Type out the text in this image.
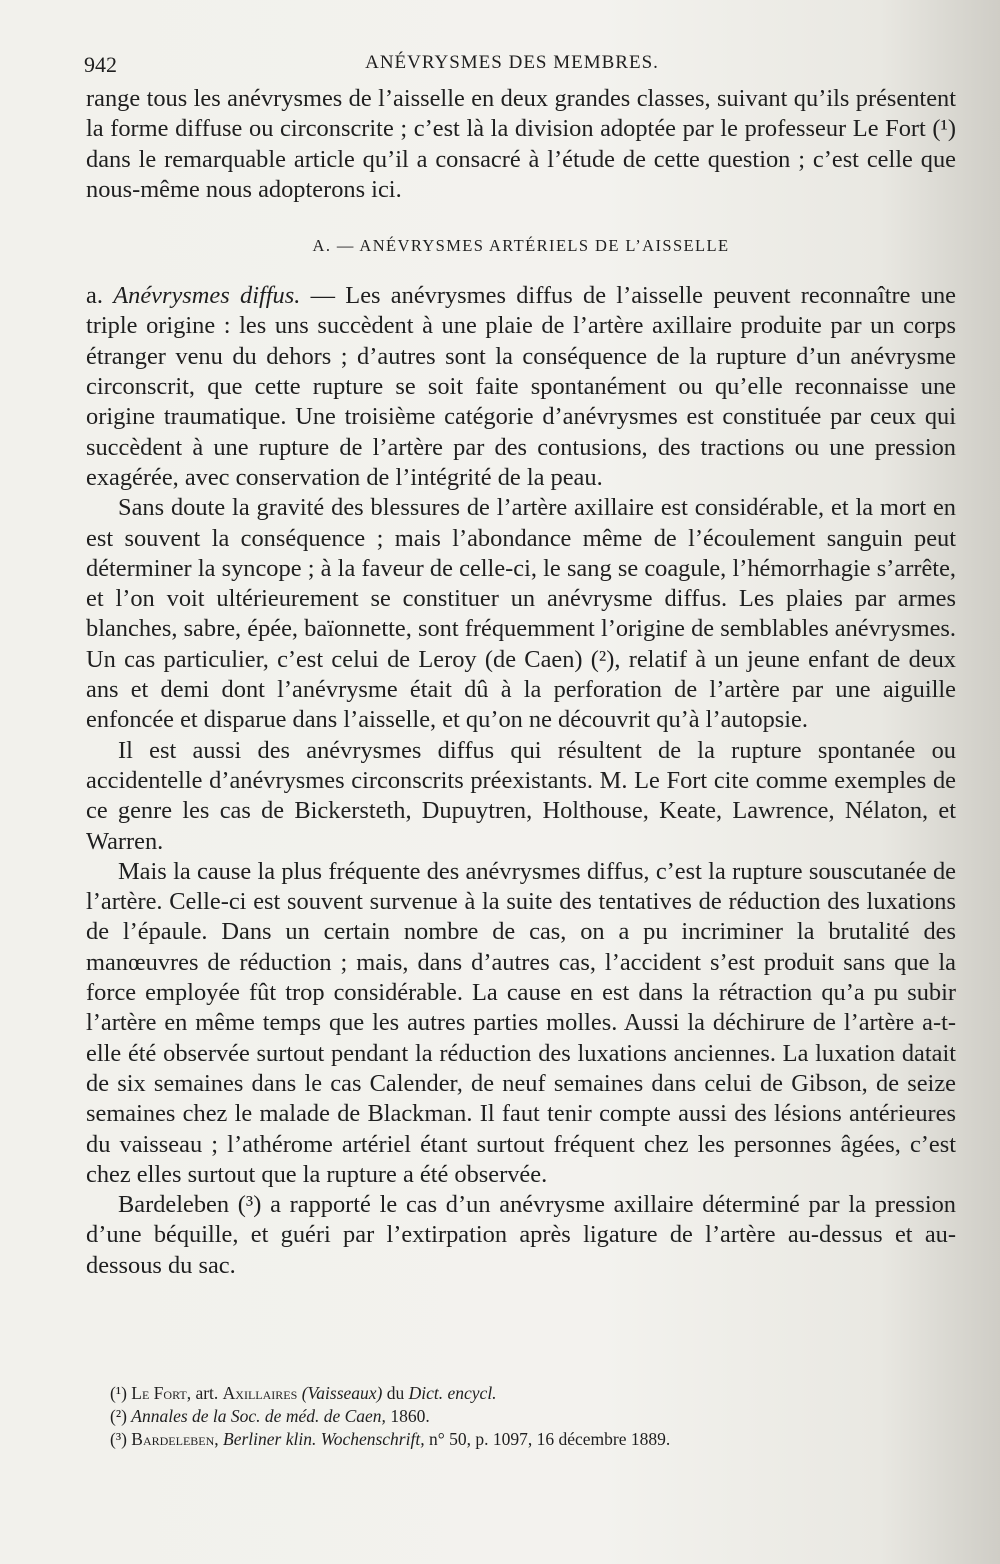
942	ANÉVRYSMES DES MEMBRES.

range tous les anévrysmes de l’aisselle en deux grandes classes, suivant qu’ils présentent la forme diffuse ou circonscrite ; c’est là la division adoptée par le professeur Le Fort (¹) dans le remarquable article qu’il a consacré à l’étude de cette question ; c’est celle que nous-même nous adopterons ici.

A. — ANÉVRYSMES ARTÉRIELS DE L’AISSELLE

a. Anévrysmes diffus. — Les anévrysmes diffus de l’aisselle peuvent reconnaître une triple origine : les uns succèdent à une plaie de l’artère axillaire produite par un corps étranger venu du dehors ; d’autres sont la conséquence de la rupture d’un anévrysme circonscrit, que cette rupture se soit faite spontanément ou qu’elle reconnaisse une origine traumatique. Une troisième catégorie d’anévrysmes est constituée par ceux qui succèdent à une rupture de l’artère par des contusions, des tractions ou une pression exagérée, avec conservation de l’intégrité de la peau.

Sans doute la gravité des blessures de l’artère axillaire est considérable, et la mort en est souvent la conséquence ; mais l’abondance même de l’écoulement sanguin peut déterminer la syncope ; à la faveur de celle-ci, le sang se coagule, l’hémorrhagie s’arrête, et l’on voit ultérieurement se constituer un anévrysme diffus. Les plaies par armes blanches, sabre, épée, baïonnette, sont fréquemment l’origine de semblables anévrysmes. Un cas particulier, c’est celui de Leroy (de Caen) (²), relatif à un jeune enfant de deux ans et demi dont l’anévrysme était dû à la perforation de l’artère par une aiguille enfoncée et disparue dans l’aisselle, et qu’on ne découvrit qu’à l’autopsie.

Il est aussi des anévrysmes diffus qui résultent de la rupture spontanée ou accidentelle d’anévrysmes circonscrits préexistants. M. Le Fort cite comme exemples de ce genre les cas de Bickersteth, Dupuytren, Holthouse, Keate, Lawrence, Nélaton, et Warren.

Mais la cause la plus fréquente des anévrysmes diffus, c’est la rupture souscutanée de l’artère. Celle-ci est souvent survenue à la suite des tentatives de réduction des luxations de l’épaule. Dans un certain nombre de cas, on a pu incriminer la brutalité des manœuvres de réduction ; mais, dans d’autres cas, l’accident s’est produit sans que la force employée fût trop considérable. La cause en est dans la rétraction qu’a pu subir l’artère en même temps que les autres parties molles. Aussi la déchirure de l’artère a-t-elle été observée surtout pendant la réduction des luxations anciennes. La luxation datait de six semaines dans le cas Calender, de neuf semaines dans celui de Gibson, de seize semaines chez le malade de Blackman. Il faut tenir compte aussi des lésions antérieures du vaisseau ; l’athérome artériel étant surtout fréquent chez les personnes âgées, c’est chez elles surtout que la rupture a été observée.

Bardeleben (³) a rapporté le cas d’un anévrysme axillaire déterminé par la pression d’une béquille, et guéri par l’extirpation après ligature de l’artère au-dessus et au-dessous du sac.

(¹) Le Fort, art. Axillaires (Vaisseaux) du Dict. encycl.

(²) Annales de la Soc. de méd. de Caen, 1860.

(³) Bardeleben, Berliner klin. Wochenschrift, n° 50, p. 1097, 16 décembre 1889.
